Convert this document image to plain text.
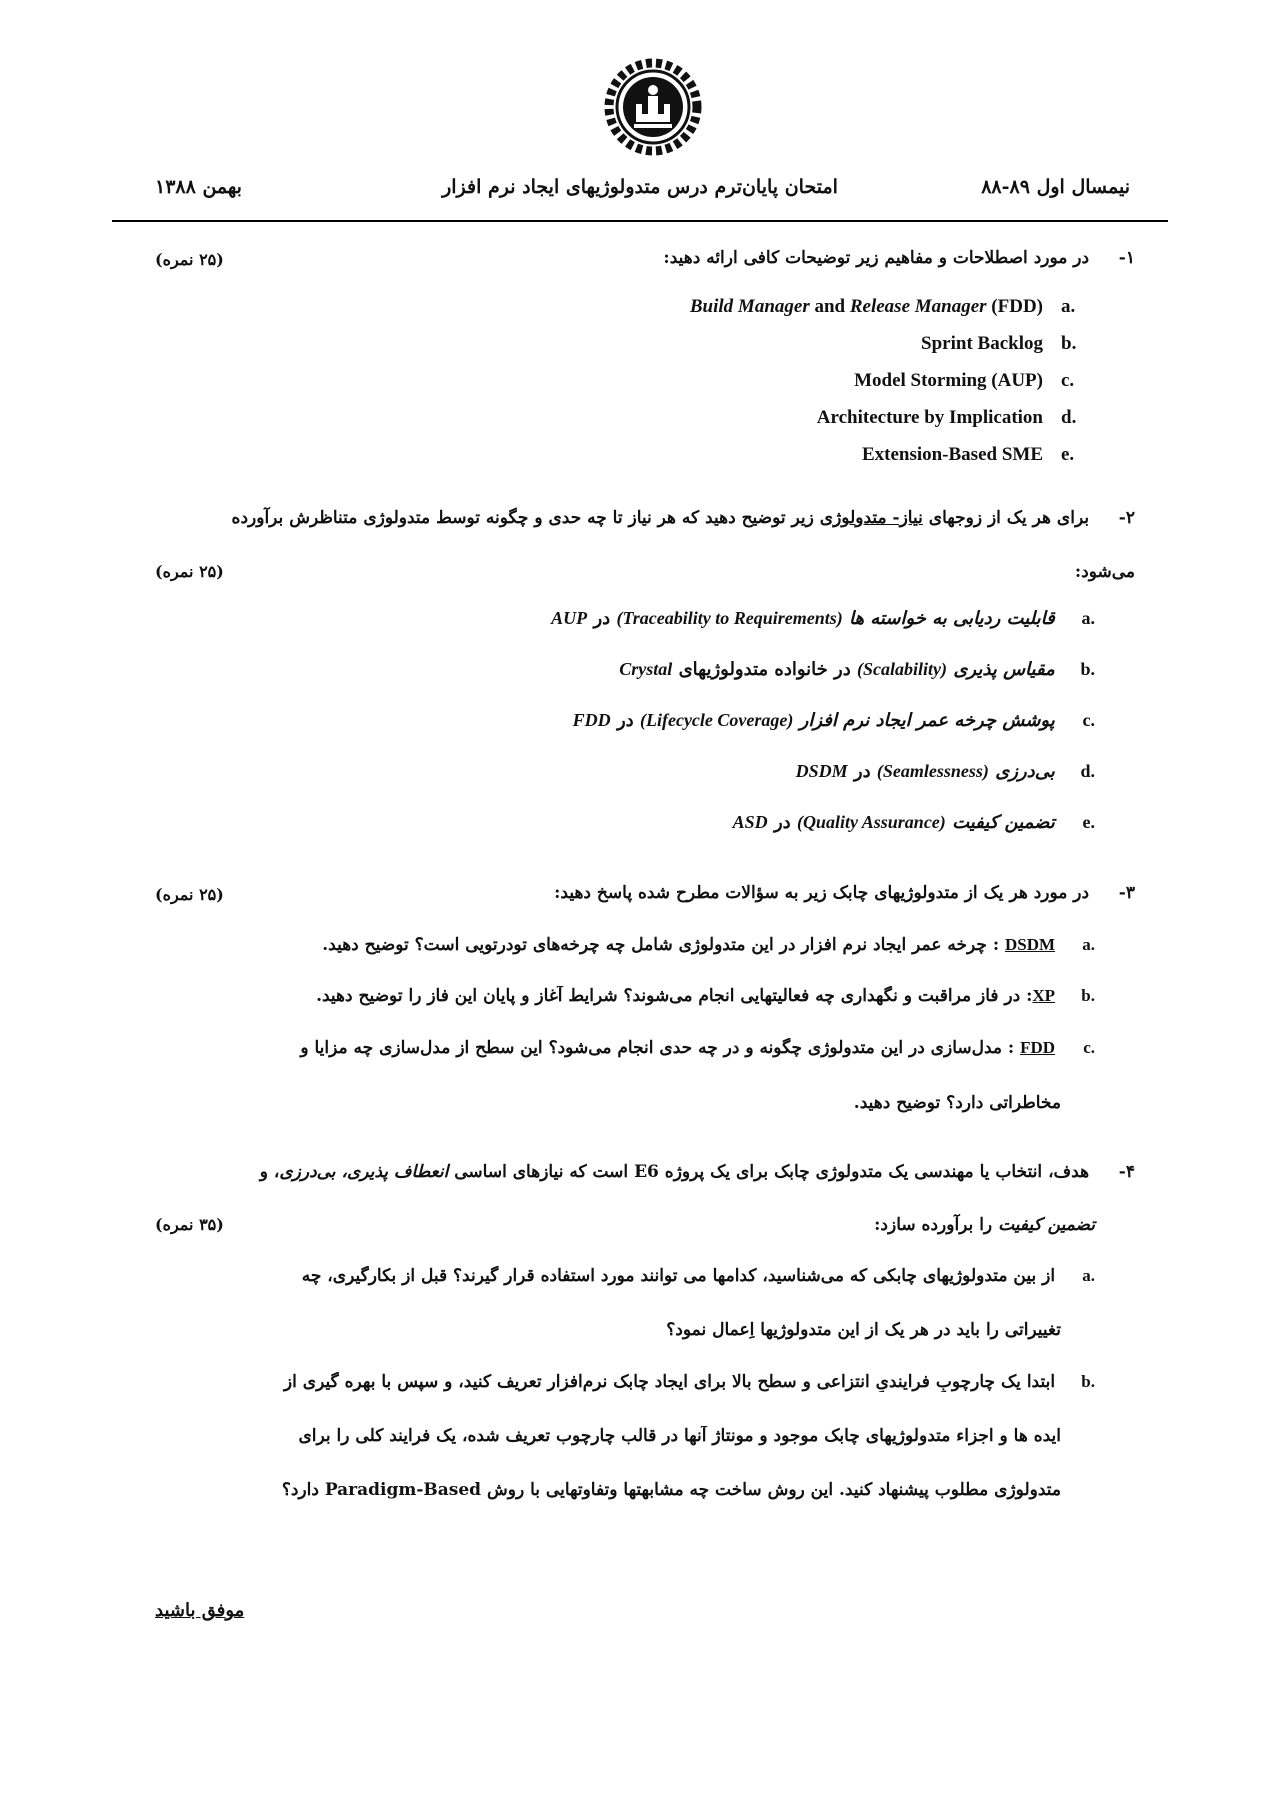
نیمسال اول ۸۹-۸۸
امتحان پایان‌ترم درس متدولوژیهای ایجاد نرم افزار
بهمن ۱۳۸۸
۱- در مورد اصطلاحات و مفاهیم زیر توضیحات کافی ارائه دهید:
(۲۵ نمره)
Build Manager and Release Manager (FDD) a.
Sprint Backlog b.
Model Storming (AUP) c.
Architecture by Implication d.
Extension-Based SME e.
۲- برای هر یک از زوجهای نیاز- متدولوژی زیر توضیح دهید که هر نیاز تا چه حدی و چگونه توسط متدولوژی متناظرش برآورده
می‌شود:
(۲۵ نمره)
a. قابلیت ردیابی به خواسته ها (Traceability to Requirements) در AUP
b. مقیاس پذیری (Scalability) در خانواده متدولوژیهای Crystal
c. پوشش چرخه عمر ایجاد نرم افزار (Lifecycle Coverage) در FDD
d. بی‌درزی (Seamlessness) در DSDM
e. تضمین کیفیت (Quality Assurance) در ASD
۳- در مورد هر یک از متدولوژیهای چابک زیر به سؤالات مطرح شده پاسخ دهید:
(۲۵ نمره)
a. DSDM : چرخه عمر ایجاد نرم افزار در این متدولوژی شامل چه چرخه‌های تودرتویی است؟ توضیح دهید.
b. XP: در فاز مراقبت و نگهداری چه فعالیتهایی انجام می‌شوند؟ شرایط آغاز و پایان این فاز را توضیح دهید.
c. FDD : مدل‌سازی در این متدولوژی چگونه و در چه حدی انجام می‌شود؟ این سطح از مدل‌سازی چه مزایا و
مخاطراتی دارد؟ توضیح دهید.
۴- هدف، انتخاب یا مهندسی یک متدولوژی چابک برای یک پروژه E6 است که نیازهای اساسی انعطاف پذیری، بی‌درزی، و
تضمین کیفیت را برآورده سازد:
(۳۵ نمره)
a. از بین متدولوژیهای چابکی که می‌شناسید، کدامها می توانند مورد استفاده قرار گیرند؟ قبل از بکارگیری، چه
تغییراتی را باید در هر یک از این متدولوژیها اِعمال نمود؟
b. ابتدا یک چارچوبِ فرایندیِ انتزاعی و سطح بالا برای ایجاد چابک نرم‌افزار تعریف کنید، و سپس با بهره گیری از
ایده ها و اجزاء متدولوژیهای چابک موجود و مونتاژ آنها در قالب چارچوب تعریف شده، یک فرایند کلی را برای
متدولوژی مطلوب پیشنهاد کنید. این روشِ ساخت چه مشابهتها وتفاوتهایی با روش Paradigm-Based دارد؟
موفق باشید
